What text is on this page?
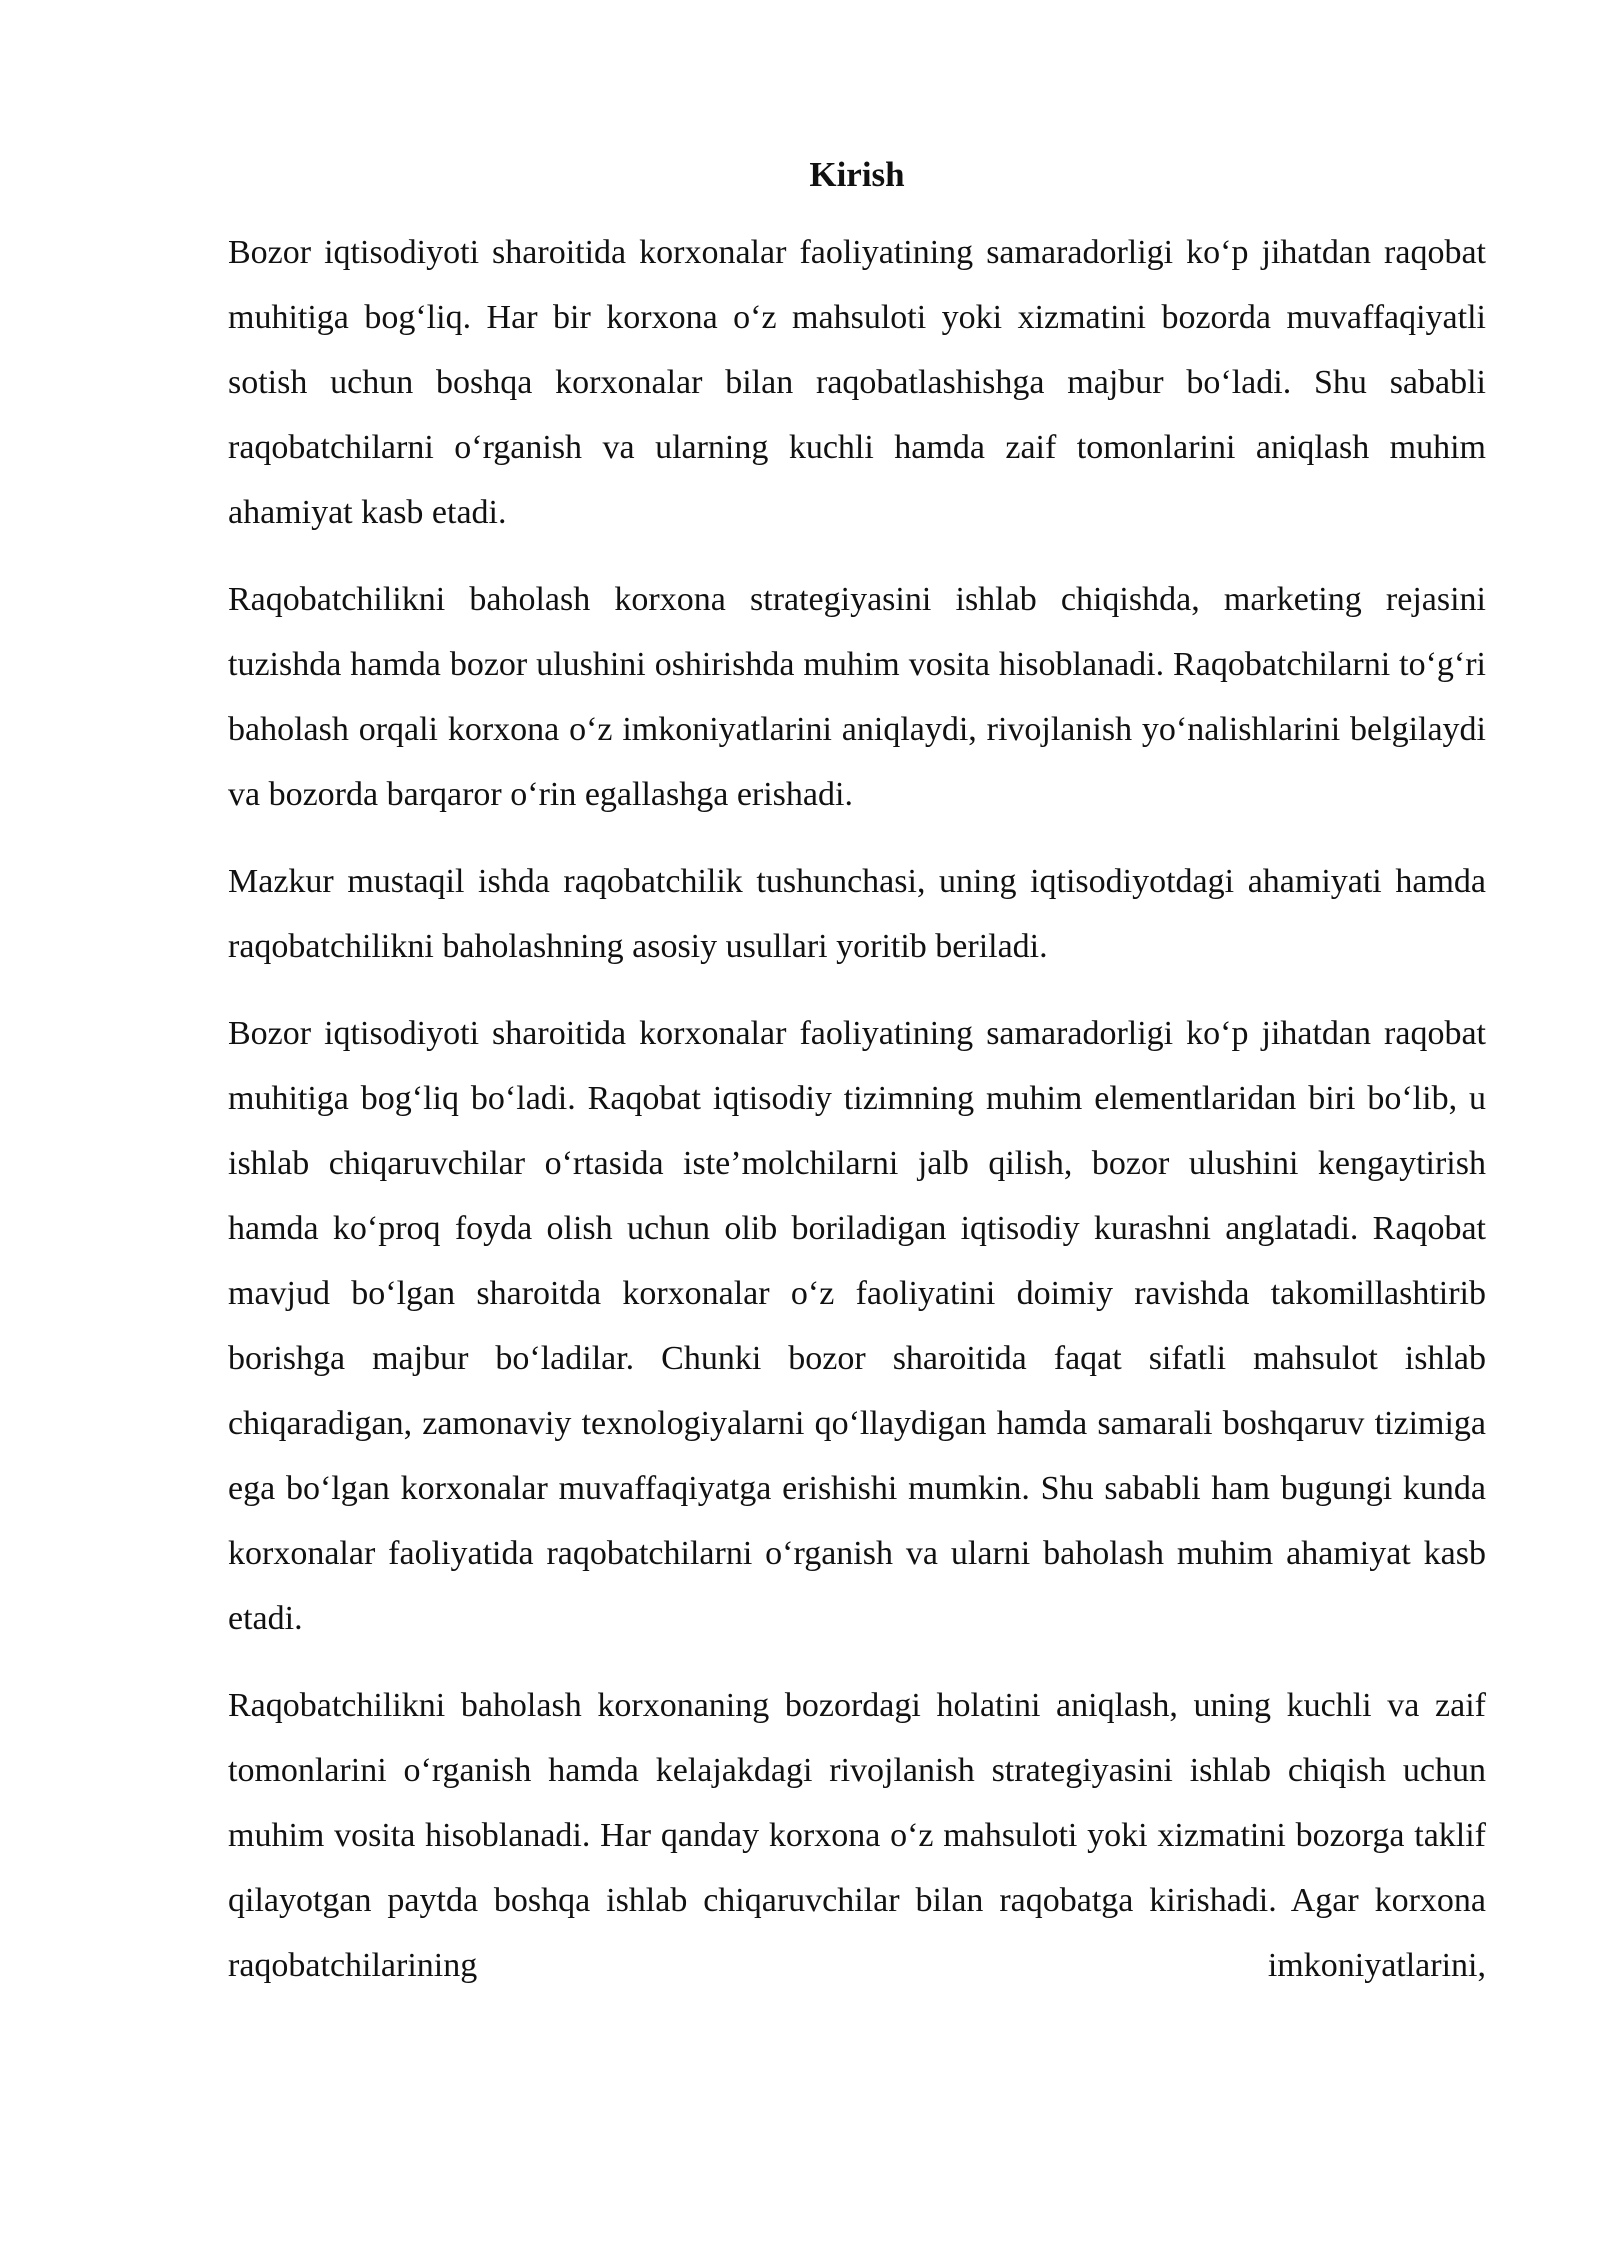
Kirish

Bozor iqtisodiyoti sharoitida korxonalar faoliyatining samaradorligi ko‘p jihatdan raqobat muhitiga bog‘liq. Har bir korxona o‘z mahsuloti yoki xizmatini bozorda muvaffaqiyatli sotish uchun boshqa korxonalar bilan raqobatlashishga majbur bo‘ladi. Shu sababli raqobatchilarni o‘rganish va ularning kuchli hamda zaif tomonlarini aniqlash muhim ahamiyat kasb etadi.

Raqobatchilikni baholash korxona strategiyasini ishlab chiqishda, marketing rejasini tuzishda hamda bozor ulushini oshirishda muhim vosita hisoblanadi. Raqobatchilarni to‘g‘ri baholash orqali korxona o‘z imkoniyatlarini aniqlaydi, rivojlanish yo‘nalishlarini belgilaydi va bozorda barqaror o‘rin egallashga erishadi.

Mazkur mustaqil ishda raqobatchilik tushunchasi, uning iqtisodiyotdagi ahamiyati hamda raqobatchilikni baholashning asosiy usullari yoritib beriladi.

Bozor iqtisodiyoti sharoitida korxonalar faoliyatining samaradorligi ko‘p jihatdan raqobat muhitiga bog‘liq bo‘ladi. Raqobat iqtisodiy tizimning muhim elementlaridan biri bo‘lib, u ishlab chiqaruvchilar o‘rtasida iste’molchilarni jalb qilish, bozor ulushini kengaytirish hamda ko‘proq foyda olish uchun olib boriladigan iqtisodiy kurashni anglatadi. Raqobat mavjud bo‘lgan sharoitda korxonalar o‘z faoliyatini doimiy ravishda takomillashtirib borishga majbur bo‘ladilar. Chunki bozor sharoitida faqat sifatli mahsulot ishlab chiqaradigan, zamonaviy texnologiyalarni qo‘llaydigan hamda samarali boshqaruv tizimiga ega bo‘lgan korxonalar muvaffaqiyatga erishishi mumkin. Shu sababli ham bugungi kunda korxonalar faoliyatida raqobatchilarni o‘rganish va ularni baholash muhim ahamiyat kasb etadi.

Raqobatchilikni baholash korxonaning bozordagi holatini aniqlash, uning kuchli va zaif tomonlarini o‘rganish hamda kelajakdagi rivojlanish strategiyasini ishlab chiqish uchun muhim vosita hisoblanadi. Har qanday korxona o‘z mahsuloti yoki xizmatini bozorga taklif qilayotgan paytda boshqa ishlab chiqaruvchilar bilan raqobatga kirishadi. Agar korxona raqobatchilarining imkoniyatlarini,
